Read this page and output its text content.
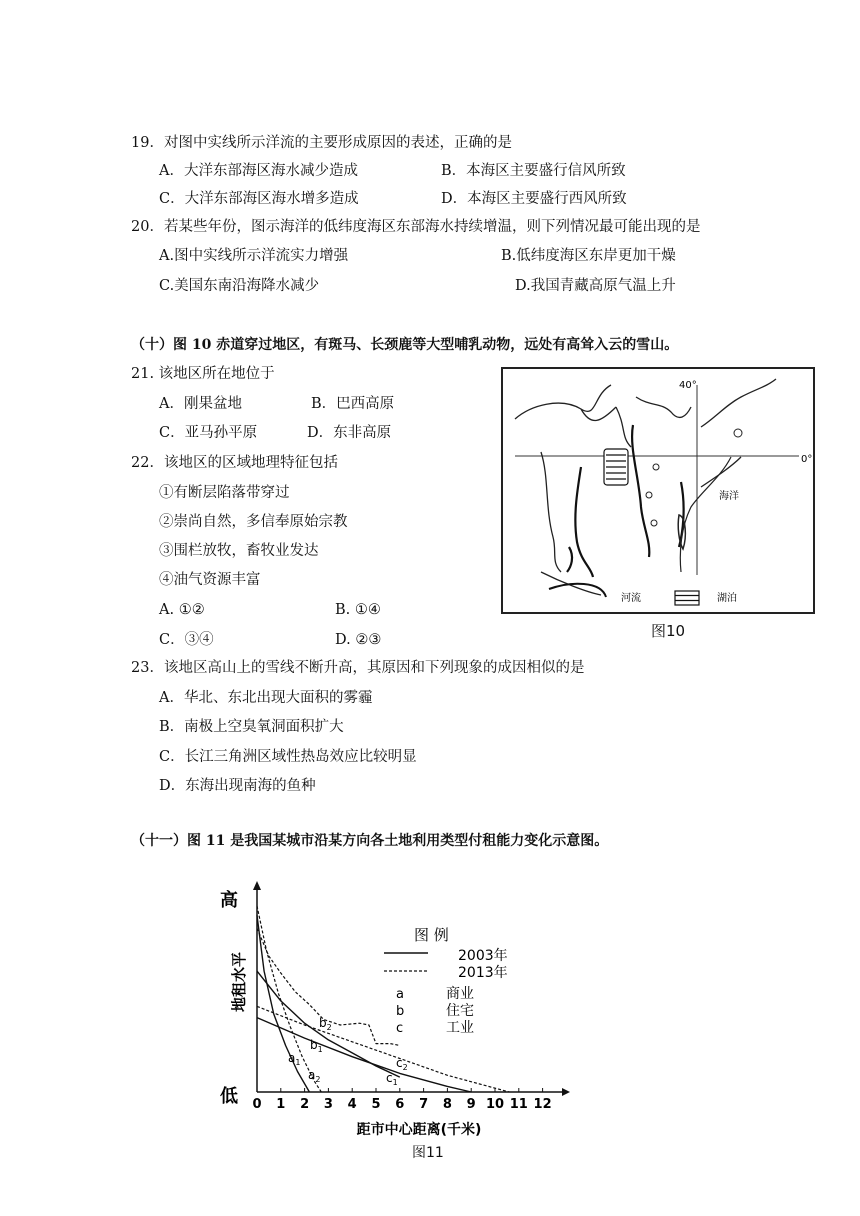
19．对图中实线所示洋流的主要形成原因的表述，正确的是
A．大洋东部海区海水减少造成	B．本海区主要盛行信风所致
C．大洋东部海区海水增多造成	D．本海区主要盛行西风所致
20．若某些年份，图示海洋的低纬度海区东部海水持续增温，则下列情况最可能出现的是
A.图中实线所示洋流实力增强	B.低纬度海区东岸更加干燥
C.美国东南沿海降水减少	D.我国青藏高原气温上升
（十）图 10 赤道穿过地区，有斑马、长颈鹿等大型哺乳动物，远处有高耸入云的雪山。
21. 该地区所在地位于
A．刚果盆地	B．巴西高原
C．亚马孙平原	D．东非高原
22．该地区的区域地理特征包括
①有断层陷落带穿过
②崇尚自然，多信奉原始宗教
③围栏放牧，畜牧业发达
④油气资源丰富
A. ①②	B. ①④
C．③④	D. ②③
23．该地区高山上的雪线不断升高，其原因和下列现象的成因相似的是
A．华北、东北出现大面积的雾霾
B．南极上空臭氧洞面积扩大
C．长江三角洲区域性热岛效应比较明显
D．东海出现南海的鱼种
（十一）图 11 是我国某城市沿某方向各土地利用类型付租能力变化示意图。
40°
0°
海洋
河流	湖泊
图10
高
低
地租水平
0 1 2 3 4 5 6 7 8 9 10 11 12
距市中心距离(千米)
$a_1$
$a_2$
$b_1$
$b_2$
$c_1$
$c_2$
图 例
2003年
2013年
a	商业
b	住宅
c	工业
图11
